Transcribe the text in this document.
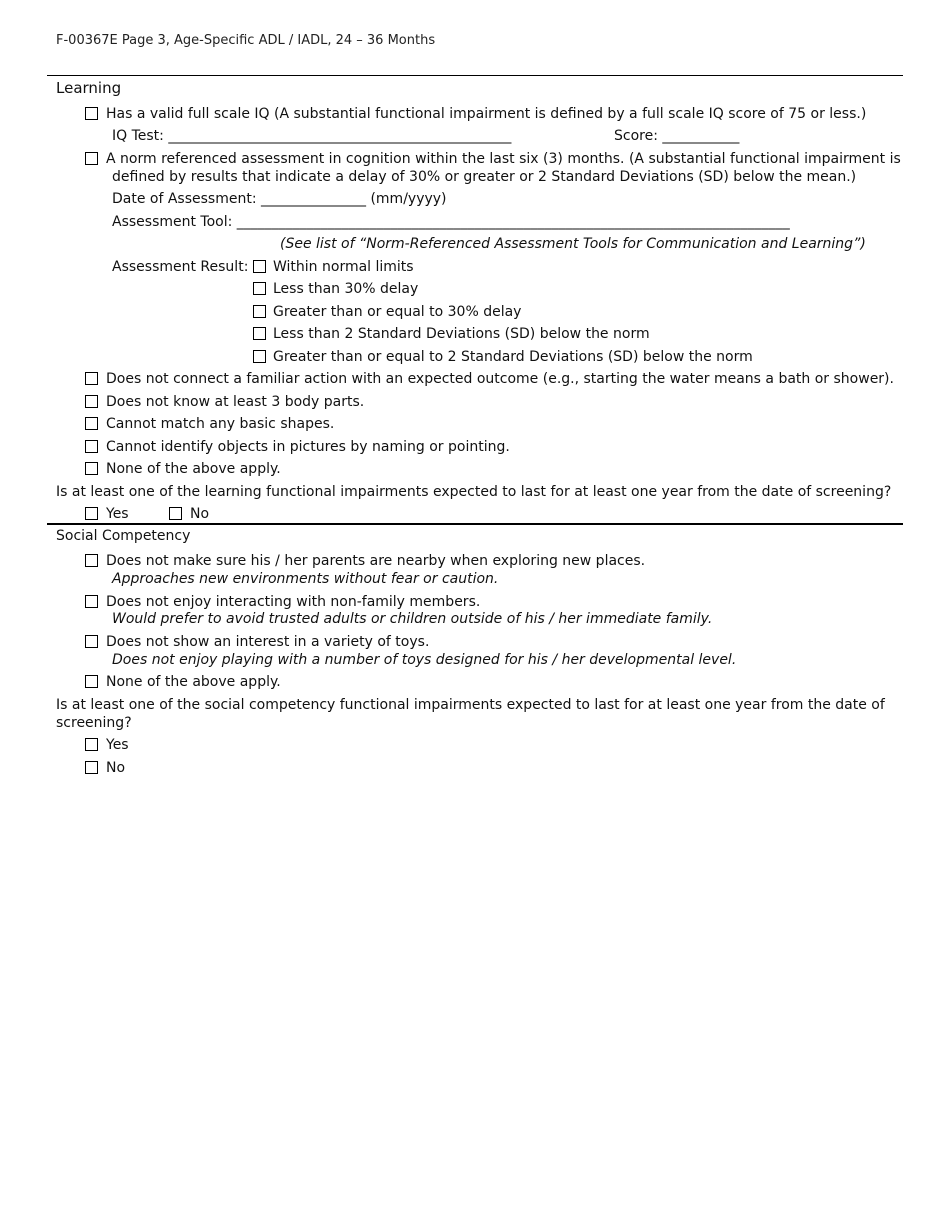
F-00367E Page 3, Age-Specific ADL / IADL, 24 – 36 Months
Learning
Has a valid full scale IQ (A substantial functional impairment is defined by a full scale IQ score of 75 or less.)
IQ Test: _________________________________________________	Score: ___________
A norm referenced assessment in cognition within the last six (3) months. (A substantial functional impairment is
defined by results that indicate a delay of 30% or greater or 2 Standard Deviations (SD) below the mean.)
Date of Assessment: _______________ (mm/yyyy)
Assessment Tool: _______________________________________________________________________________
(See list of “Norm-Referenced Assessment Tools for Communication and Learning”)
Assessment Result: Within normal limits
Less than 30% delay
Greater than or equal to 30% delay
Less than 2 Standard Deviations (SD) below the norm
Greater than or equal to 2 Standard Deviations (SD) below the norm
Does not connect a familiar action with an expected outcome (e.g., starting the water means a bath or shower).
Does not know at least 3 body parts.
Cannot match any basic shapes.
Cannot identify objects in pictures by naming or pointing.
None of the above apply.
Is at least one of the learning functional impairments expected to last for at least one year from the date of screening?
Yes	No
Social Competency
Does not make sure his / her parents are nearby when exploring new places.
Approaches new environments without fear or caution.
Does not enjoy interacting with non-family members.
Would prefer to avoid trusted adults or children outside of his / her immediate family.
Does not show an interest in a variety of toys.
Does not enjoy playing with a number of toys designed for his / her developmental level.
None of the above apply.
Is at least one of the social competency functional impairments expected to last for at least one year from the date of
screening?
Yes
No
